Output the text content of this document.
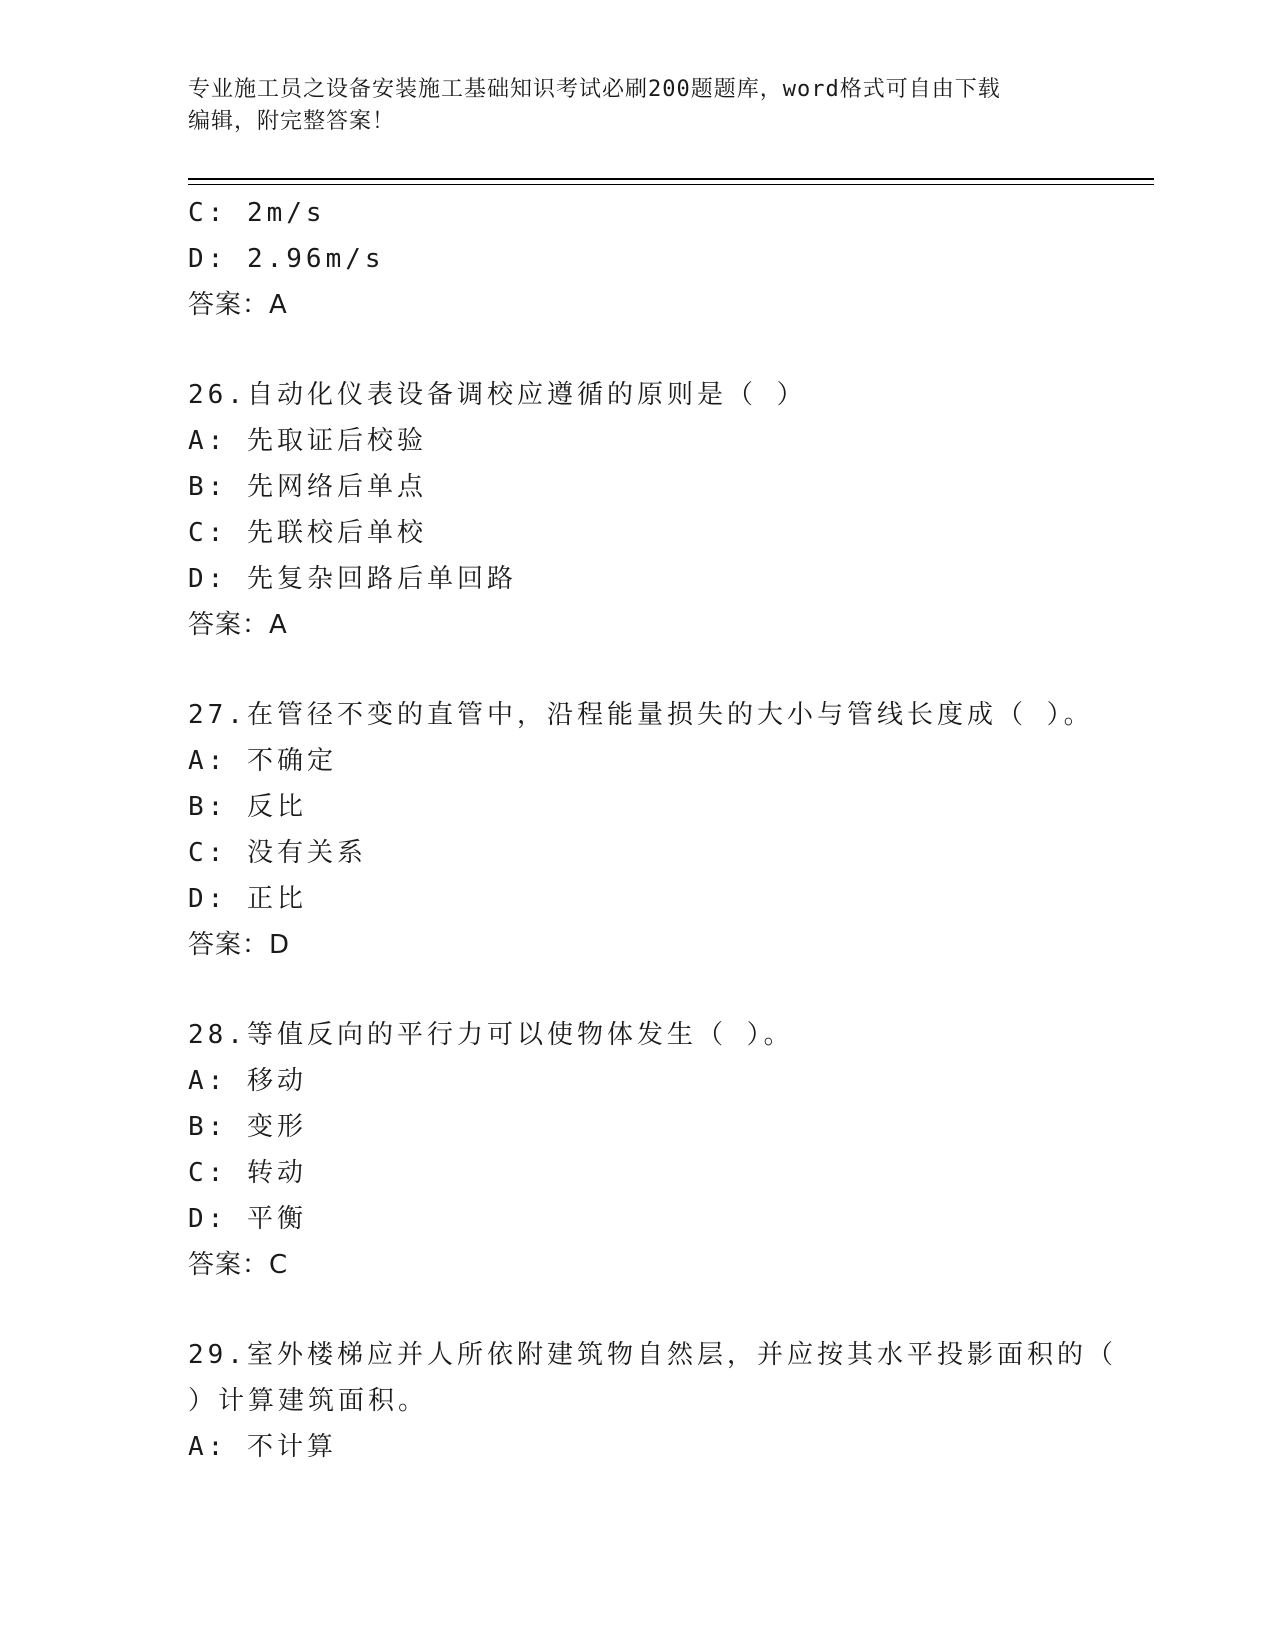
专业施工员之设备安装施工基础知识考试必刷200题题库，word格式可自由下载
编辑，附完整答案！
C: 2m/s
D: 2.96m/s
答案：A
26.自动化仪表设备调校应遵循的原则是（ ）
A: 先取证后校验
B: 先网络后单点
C: 先联校后单校
D: 先复杂回路后单回路
答案：A
27.在管径不变的直管中，沿程能量损失的大小与管线长度成（ ）。
A: 不确定
B: 反比
C: 没有关系
D: 正比
答案：D
28.等值反向的平行力可以使物体发生（ ）。
A: 移动
B: 变形
C: 转动
D: 平衡
答案：C
29.室外楼梯应并人所依附建筑物自然层，并应按其水平投影面积的（
）计算建筑面积。
A: 不计算
